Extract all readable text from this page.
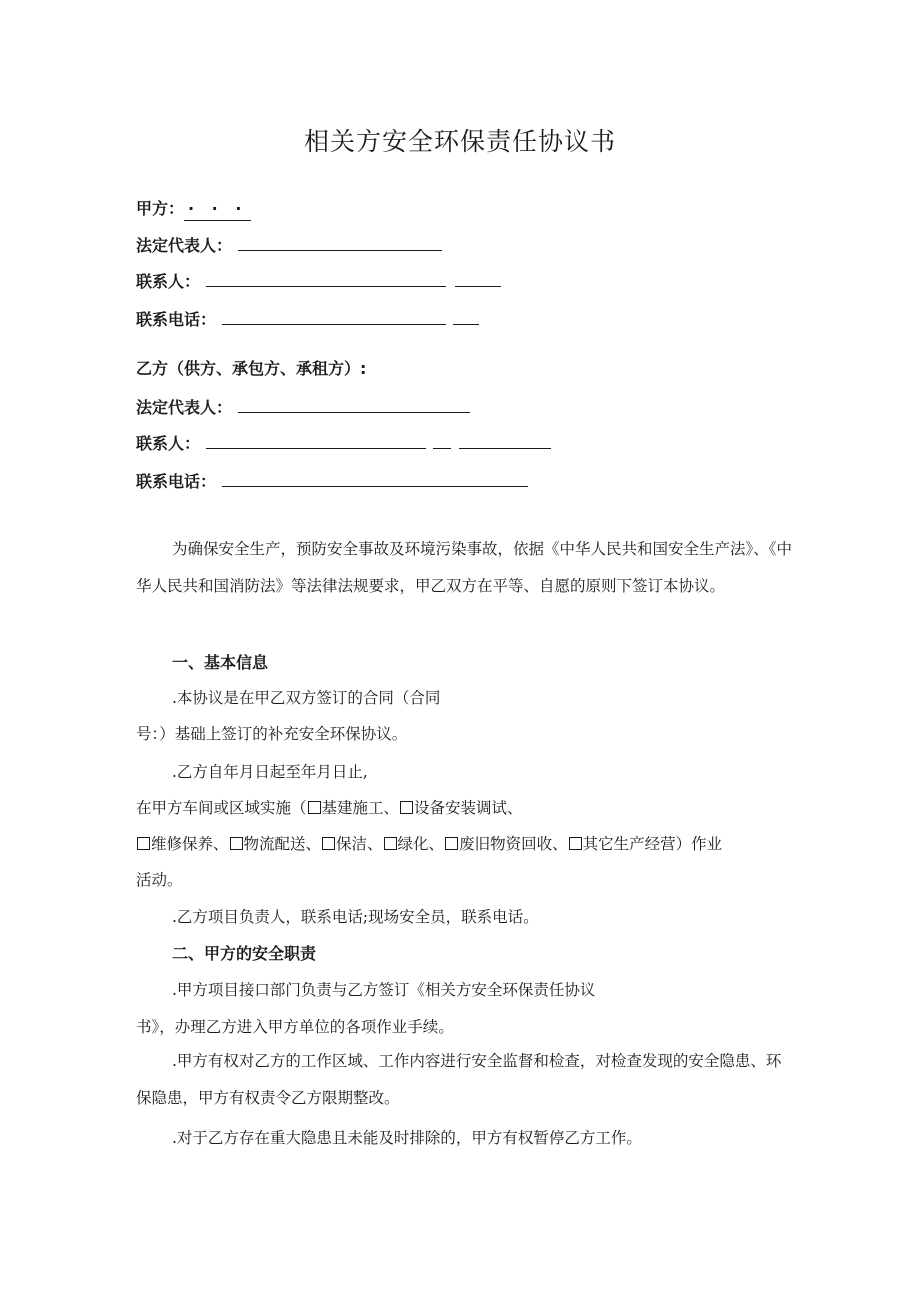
相关方安全环保责任协议书
甲方： · · ·
法定代表人：
联系人：
联系电话：
乙方（供方、承包方、承租方）:
法定代表人：
联系人：
联系电话：
为确保安全生产，预防安全事故及环境污染事故，依据《中华人民共和国安全生产法》、《中华人民共和国消防法》等法律法规要求，甲乙双方在平等、自愿的原则下签订本协议。
一、基本信息
.本协议是在甲乙双方签订的合同（合同
号：）基础上签订的补充安全环保协议。
.乙方自年月日起至年月日止,
在甲方车间或区域实施（ 基建施工、 设备安装调试、
维修保养、 物流配送、 保洁、 绿化、 废旧物资回收、 其它生产经营）作业
活动。
.乙方项目负责人，联系电话;现场安全员，联系电话。
二、甲方的安全职责
.甲方项目接口部门负责与乙方签订《相关方安全环保责任协议
书》，办理乙方进入甲方单位的各项作业手续。
.甲方有权对乙方的工作区域、工作内容进行安全监督和检查，对检查发现的安全隐患、环保隐患，甲方有权责令乙方限期整改。
.对于乙方存在重大隐患且未能及时排除的，甲方有权暂停乙方工作。
